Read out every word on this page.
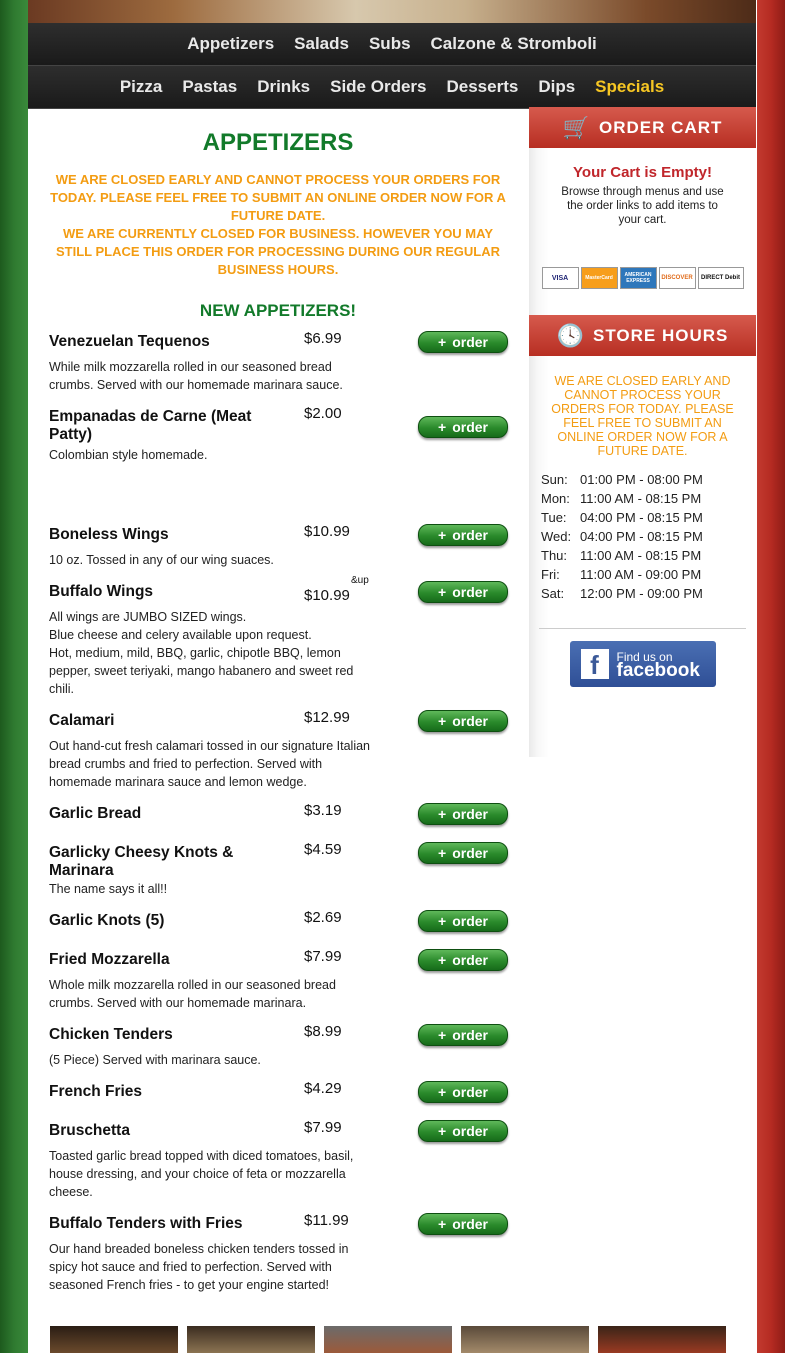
Appetizers Salads Subs Calzone & Stromboli
Pizza Pastas Drinks Side Orders Desserts Dips Specials
APPETIZERS
WE ARE CLOSED EARLY AND CANNOT PROCESS YOUR ORDERS FOR TODAY. PLEASE FEEL FREE TO SUBMIT AN ONLINE ORDER NOW FOR A FUTURE DATE.
WE ARE CURRENTLY CLOSED FOR BUSINESS. HOWEVER YOU MAY STILL PLACE THIS ORDER FOR PROCESSING DURING OUR REGULAR BUSINESS HOURS.
NEW APPETIZERS!
Venezuelan Tequenos	$6.99	+ order
While milk mozzarella rolled in our seasoned bread crumbs. Served with our homemade marinara sauce.
Empanadas de Carne (Meat Patty)
$2.00
+ order
Colombian style homemade.
Boneless Wings	$10.99	+ order
10 oz. Tossed in any of our wing suaces.
Buffalo Wings	$10.99
&up
+ order
All wings are JUMBO SIZED wings.
Blue cheese and celery available upon request.
Hot, medium, mild, BBQ, garlic, chipotle BBQ, lemon pepper, sweet teriyaki, mango habanero and sweet red chili.
Calamari	$12.99	+ order
Out hand-cut fresh calamari tossed in our signature Italian bread crumbs and fried to perfection. Served with homemade marinara sauce and lemon wedge.
Garlic Bread	$3.19	+ order
Garlicky Cheesy Knots & Marinara
$4.59	+ order
The name says it all!!
Garlic Knots (5)	$2.69	+ order
Fried Mozzarella	$7.99	+ order
Whole milk mozzarella rolled in our seasoned bread crumbs. Served with our homemade marinara.
Chicken Tenders	$8.99	+ order
(5 Piece) Served with marinara sauce.
French Fries	$4.29	+ order
Bruschetta	$7.99	+ order
Toasted garlic bread topped with diced tomatoes, basil, house dressing, and your choice of feta or mozzarella cheese.
Buffalo Tenders with Fries	$11.99	+ order
Our hand breaded boneless chicken tenders tossed in spicy hot sauce and fried to perfection. Served with seasoned French fries - to get your engine started!
🛒 ORDER CART
Your Cart is Empty!
Browse through menus and use the order links to add items to your cart.
VISA	MasterCard	AMERICAN EXPRESS	DISCOVER	DIRECT Debit
🕓 STORE HOURS
WE ARE CLOSED EARLY AND CANNOT PROCESS YOUR ORDERS FOR TODAY. PLEASE FEEL FREE TO SUBMIT AN ONLINE ORDER NOW FOR A FUTURE DATE.
Sun: 01:00 PM - 08:00 PM
Mon: 11:00 AM - 08:15 PM
Tue:	04:00 PM - 08:15 PM
Wed: 04:00 PM - 08:15 PM
Thu: 11:00 AM - 08:15 PM
Fri:	11:00 AM - 09:00 PM
Sat:	12:00 PM - 09:00 PM
f	Find us on
facebook
